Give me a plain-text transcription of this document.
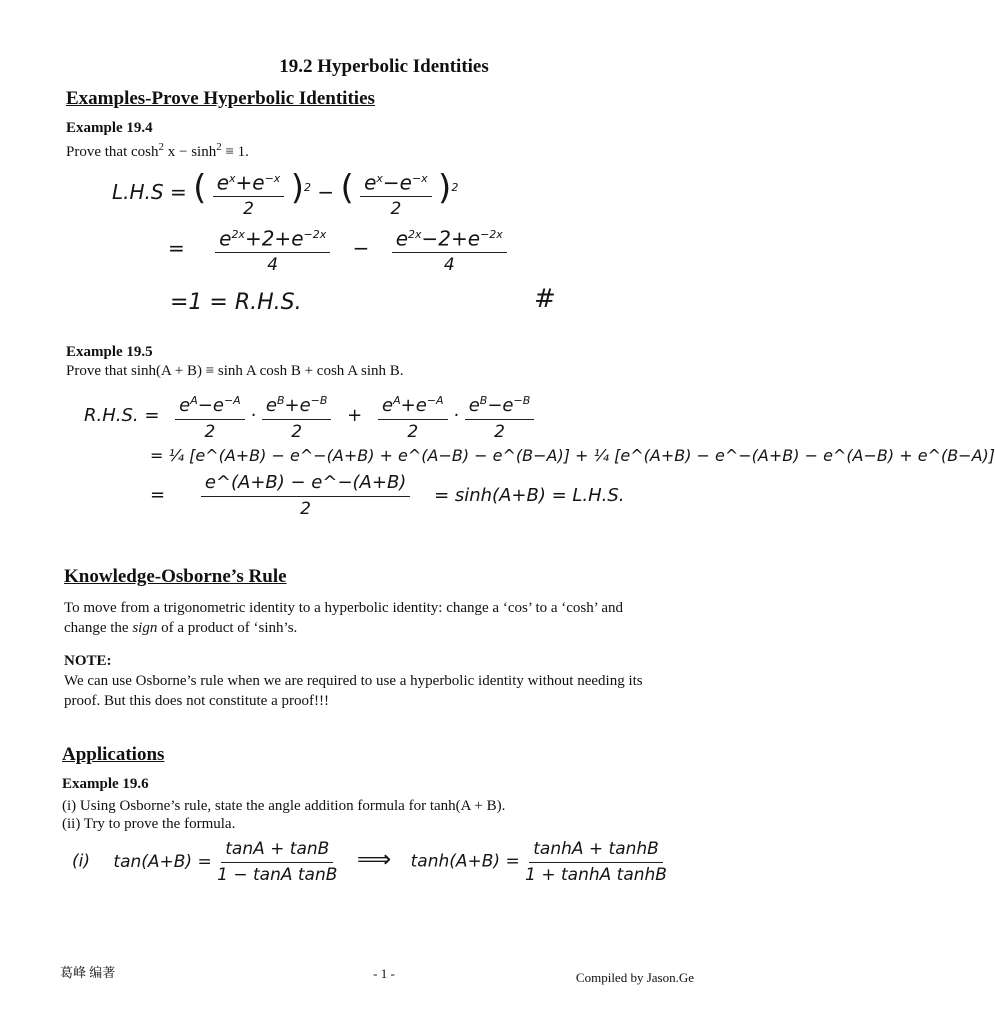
19.2 Hyperbolic Identities
Examples-Prove Hyperbolic Identities
Example 19.4
Prove that $\cosh^2 x - \sinh^2 \equiv 1$.
L.H.S = ( $\frac{e^x+e^{-x}}{2} )^2$ − ( $\frac{e^x-e^{-x}}{2} )^2$
= $\frac{e^{2x}+2+e^{-2x}}{4} - \frac{e^{2x}-2+e^{-2x}}{4}$
=1 = R.H.S.	#
Example 19.5
Prove that sinh(A + B) ≡ sinh A cosh B + cosh A sinh B.
R.H.S. = $\frac{e^A-e^{-A}}{2} \cdot \frac{e^B+e^{-B}}{2} + \frac{e^A+e^{-A}}{2} \cdot \frac{e^B-e^{-B}}{2}$
= ¼ [e^(A+B) − e^−(A+B) + e^(A−B) − e^(B−A)] + ¼ [e^(A+B) − e^−(A+B) − e^(A−B) + e^(B−A)]
= $\frac{e\^{}(A+B) - e\^{}-(A+B)}{2} = \sinh(A+B) = L.H.S$.
Knowledge-Osborne’s Rule
To move from a trigonometric identity to a hyperbolic identity: change a ‘cos’ to a ‘cosh’ and change the sign of a product of ‘sinh’s.
NOTE:
We can use Osborne’s rule when we are required to use a hyperbolic identity without needing its proof. But this does not constitute a proof!!!
Applications
Example 19.6
(i) Using Osborne’s rule, state the angle addition formula for tanh(A + B).
(ii) Try to prove the formula.
(i) $\tan(A+B) = \frac{\tan A + \tan B}{\text{1 − tanA tanB}}$ ⟹ $\tanh(A+B) = \frac{\tanh A + \tanh B}{\text{1 + tanhA tanhB}}$
葛峰 编著	- 1 -	Compiled by Jason.Ge
